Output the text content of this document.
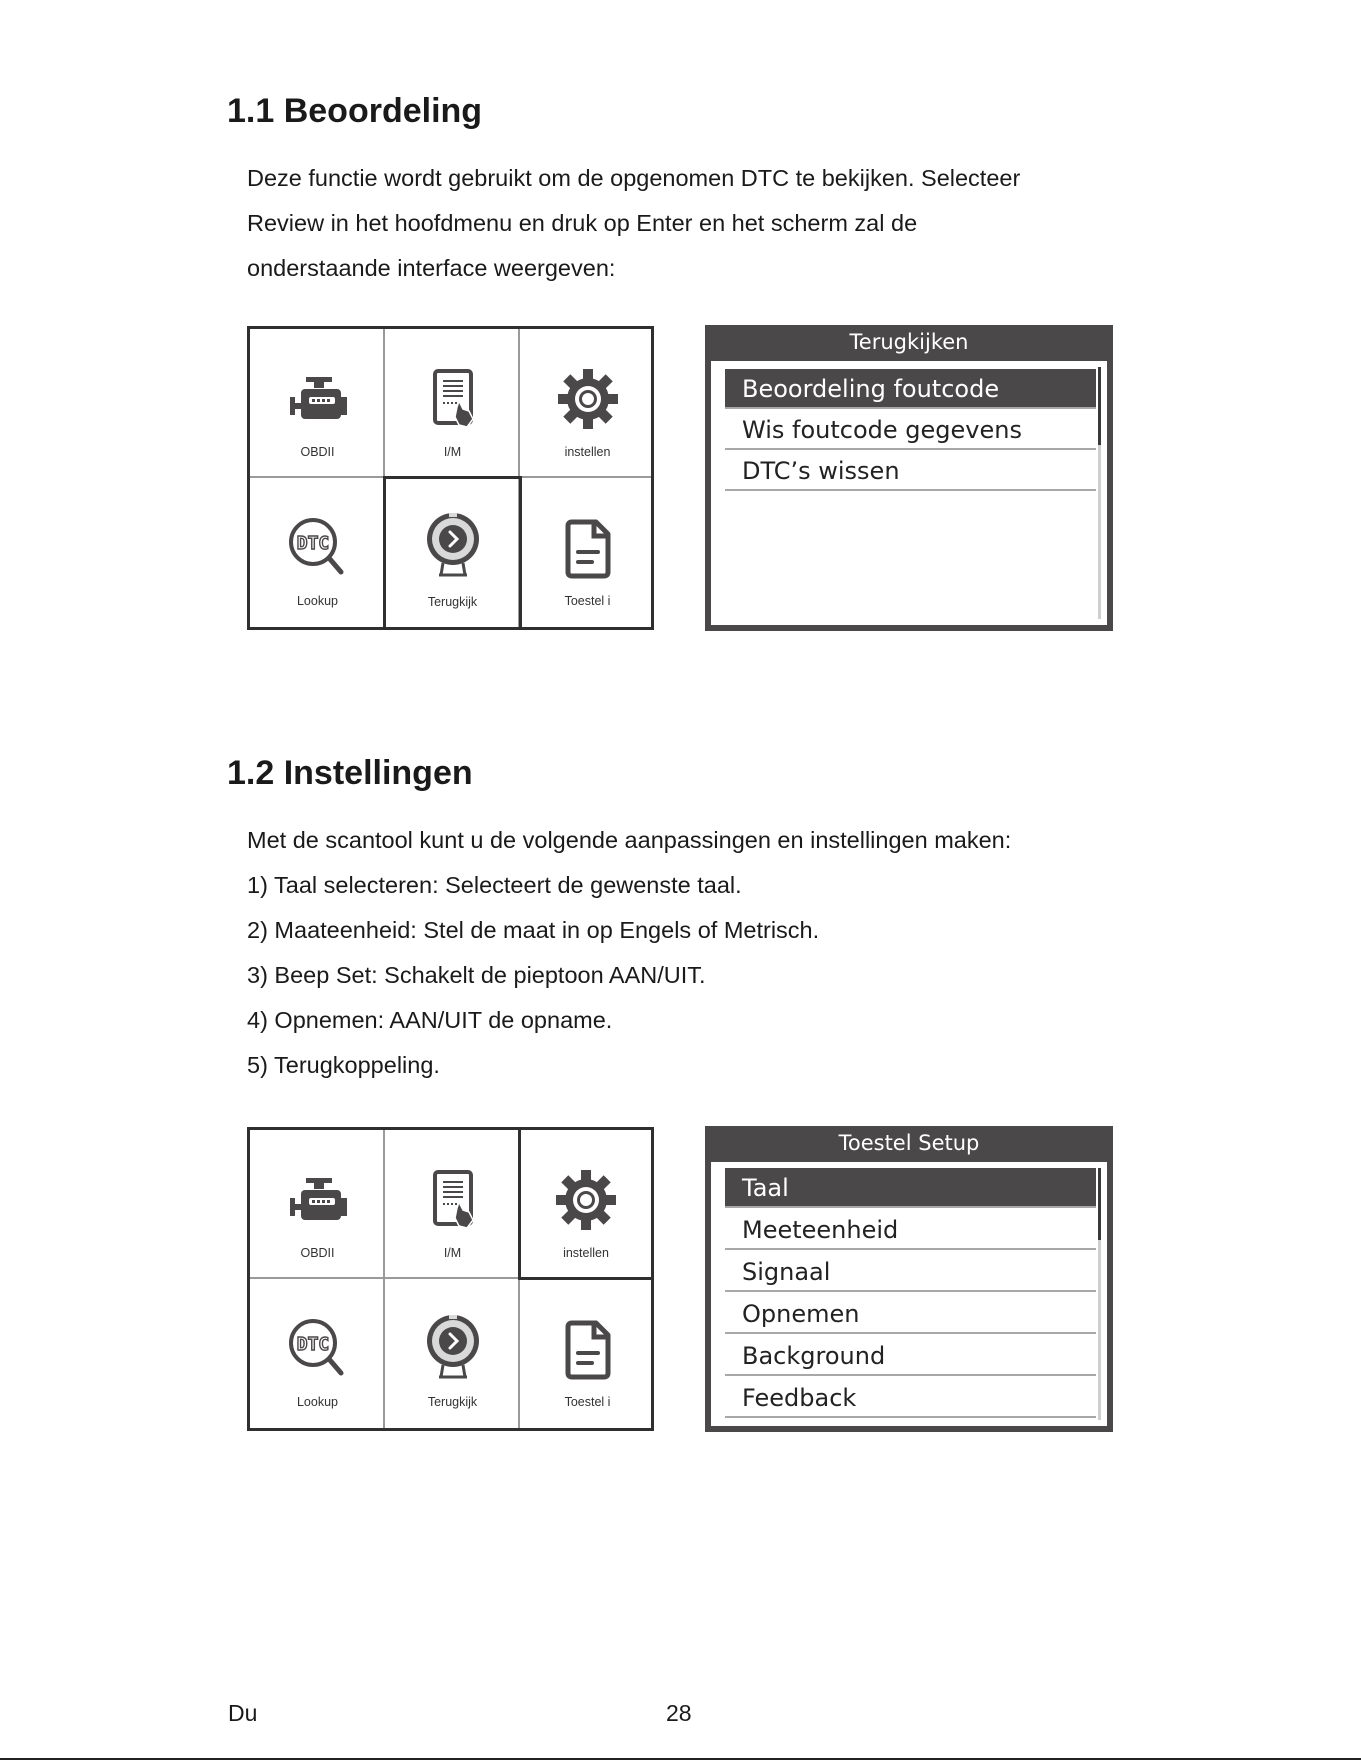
1.1 Beoordeling
Deze functie wordt gebruikt om de opgenomen DTC te bekijken. Selecteer
Review in het hoofdmenu en druk op Enter en het scherm zal de
onderstaande interface weergeven:
OBDII	I/M	instellen
DTC
Lookup	Terugkijk	Toestel i
Terugkijken
Beoordeling foutcode
Wis foutcode gegevens
DTC’s wissen
1.2 Instellingen
Met de scantool kunt u de volgende aanpassingen en instellingen maken:
1) Taal selecteren: Selecteert de gewenste taal.
2) Maateenheid: Stel de maat in op Engels of Metrisch.
3) Beep Set: Schakelt de pieptoon AAN/UIT.
4) Opnemen: AAN/UIT de opname.
5) Terugkoppeling.
OBDII	I/M	instellen
DTC
Lookup	Terugkijk	Toestel i
Toestel Setup
Taal
Meeteenheid
Signaal
Opnemen
Background
Feedback
Du	28
